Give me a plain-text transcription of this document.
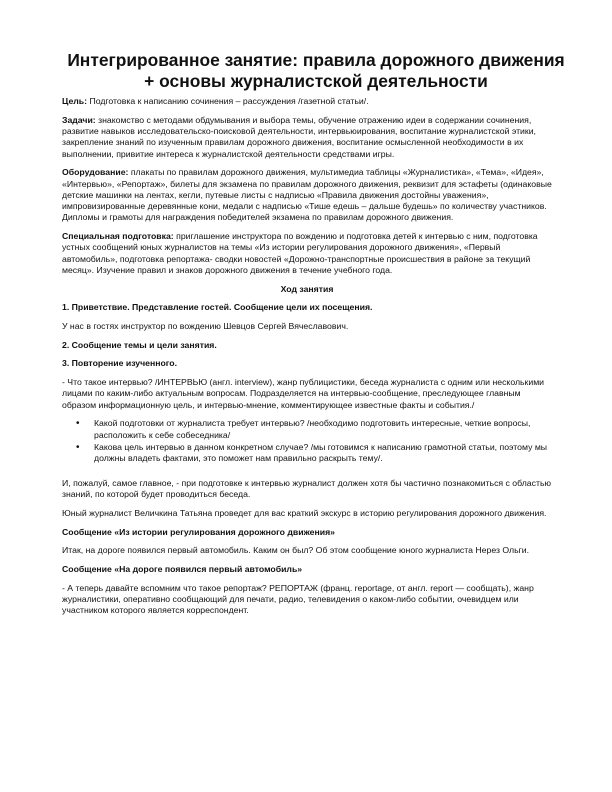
Интегрированное занятие: правила дорожного движения + основы журналистской деятельности

Цель: Подготовка к написанию сочинения – рассуждения /газетной статьи/.

Задачи: знакомство с методами обдумывания и выбора темы, обучение отражению идеи в содержании сочинения, развитие навыков исследовательско-поисковой деятельности, интервьюирования, воспитание журналистской этики, закрепление знаний по изученным правилам дорожного движения, воспитание осмысленной необходимости в их выполнении, привитие интереса к журналистской деятельности средствами игры.

Оборудование: плакаты по правилам дорожного движения, мультимедиа таблицы «Журналистика», «Тема», «Идея», «Интервью», «Репортаж», билеты для экзамена по правилам дорожного движения, реквизит для эстафеты (одинаковые детские машинки на лентах, кегли, путевые листы с надписью «Правила движения достойны уважения», импровизированные деревянные кони, медали с надписью «Тише едешь – дальше будешь» по количеству участников. Дипломы и грамоты для награждения победителей экзамена по правилам дорожного движения.

Специальная подготовка: приглашение инструктора по вождению и подготовка детей к интервью с ним, подготовка устных сообщений юных журналистов на темы «Из истории регулирования дорожного движения», «Первый автомобиль», подготовка репортажа- сводки новостей «Дорожно-транспортные происшествия в районе за текущий месяц». Изучение правил и знаков дорожного движения в течение учебного года.

Ход занятия

1. Приветствие. Представление гостей. Сообщение цели их посещения.

У нас в гостях инструктор по вождению Шевцов Сергей Вячеславович.

2. Сообщение темы и цели занятия.

3. Повторение изученного.

- Что такое интервью? /ИНТЕРВЬЮ (англ. interview), жанр публицистики, беседа журналиста с одним или несколькими лицами по каким-либо актуальным вопросам. Подразделяется на интервью-сообщение, преследующее главным образом информационную цель, и интервью-мнение, комментирующее известные факты и события./

• Какой подготовки от журналиста требует интервью? /необходимо подготовить интересные, четкие вопросы, расположить к себе собеседника/
• Какова цель интервью в данном конкретном случае? /мы готовимся к написанию грамотной статьи, поэтому мы должны владеть фактами, это поможет нам правильно раскрыть тему/.

И, пожалуй, самое главное, - при подготовке к интервью журналист должен хотя бы частично познакомиться с областью знаний, по которой будет проводиться беседа.

Юный журналист Величкина Татьяна проведет для вас краткий экскурс в историю регулирования дорожного движения.

Сообщение «Из истории регулирования дорожного движения»

Итак, на дороге появился первый автомобиль. Каким он был? Об этом сообщение юного журналиста Нерез Ольги.

Сообщение «На дороге появился первый автомобиль»

- А теперь давайте вспомним что такое репортаж? РЕПОРТАЖ (франц. reportage, от англ. report — сообщать), жанр журналистики, оперативно сообщающий для печати, радио, телевидения о каком-либо событии, очевидцем или участником которого является корреспондент.
